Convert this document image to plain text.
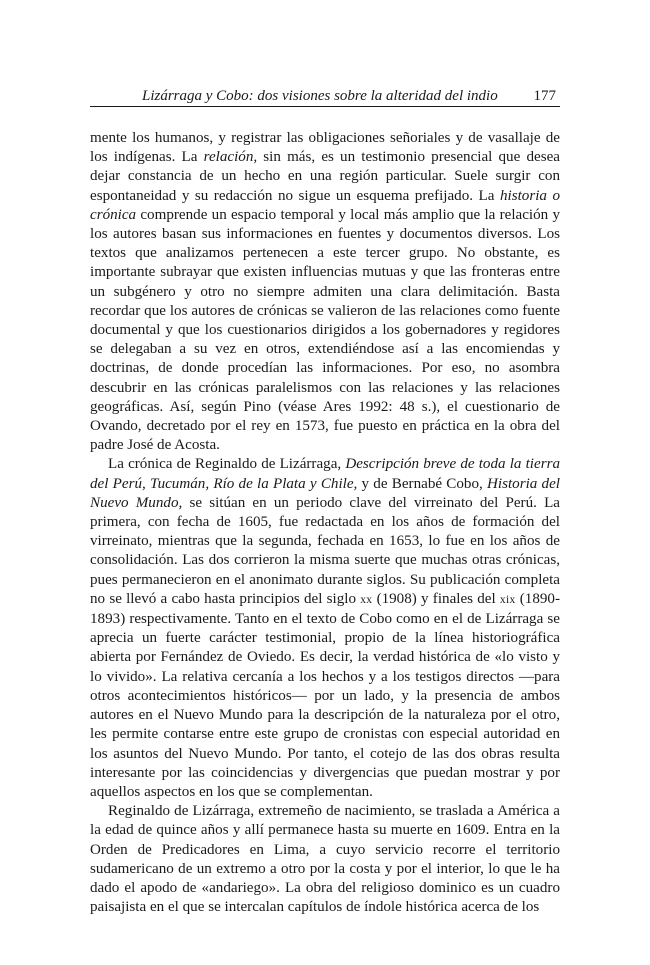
Lizárraga y Cobo: dos visiones sobre la alteridad del indio 177

mente los humanos, y registrar las obligaciones señoriales y de vasallaje de los indígenas. La relación, sin más, es un testimonio presencial que desea dejar constancia de un hecho en una región particular. Suele surgir con espontaneidad y su redacción no sigue un esquema prefijado. La historia o crónica comprende un espacio temporal y local más amplio que la relación y los autores basan sus informaciones en fuentes y documentos diversos. Los textos que analizamos pertenecen a este tercer grupo. No obstante, es importante subrayar que existen influencias mutuas y que las fronteras entre un subgénero y otro no siempre admiten una clara delimitación. Basta recordar que los autores de crónicas se valieron de las relaciones como fuente documental y que los cuestionarios dirigidos a los gobernadores y regidores se delegaban a su vez en otros, extendiéndose así a las encomiendas y doctrinas, de donde procedían las informaciones. Por eso, no asombra descubrir en las crónicas paralelismos con las relaciones y las relaciones geográficas. Así, según Pino (véase Ares 1992: 48 s.), el cuestionario de Ovando, decretado por el rey en 1573, fue puesto en práctica en la obra del padre José de Acosta.

La crónica de Reginaldo de Lizárraga, Descripción breve de toda la tierra del Perú, Tucumán, Río de la Plata y Chile, y de Bernabé Cobo, Historia del Nuevo Mundo, se sitúan en un periodo clave del virreinato del Perú. La primera, con fecha de 1605, fue redactada en los años de formación del virreinato, mientras que la segunda, fechada en 1653, lo fue en los años de consolidación. Las dos corrieron la misma suerte que muchas otras crónicas, pues permanecieron en el anonimato durante siglos. Su publicación completa no se llevó a cabo hasta principios del siglo xx (1908) y finales del xix (1890-1893) respectivamente. Tanto en el texto de Cobo como en el de Lizárraga se aprecia un fuerte carácter testimonial, propio de la línea historiográfica abierta por Fernández de Oviedo. Es decir, la verdad histórica de «lo visto y lo vivido». La relativa cercanía a los hechos y a los testigos directos —para otros acontecimientos históricos— por un lado, y la presencia de ambos autores en el Nuevo Mundo para la descripción de la naturaleza por el otro, les permite contarse entre este grupo de cronistas con especial autoridad en los asuntos del Nuevo Mundo. Por tanto, el cotejo de las dos obras resulta interesante por las coincidencias y divergencias que puedan mostrar y por aquellos aspectos en los que se complementan.

Reginaldo de Lizárraga, extremeño de nacimiento, se traslada a América a la edad de quince años y allí permanece hasta su muerte en 1609. Entra en la Orden de Predicadores en Lima, a cuyo servicio recorre el territorio sudamericano de un extremo a otro por la costa y por el interior, lo que le ha dado el apodo de «andariego». La obra del religioso dominico es un cuadro paisajista en el que se intercalan capítulos de índole histórica acerca de los
